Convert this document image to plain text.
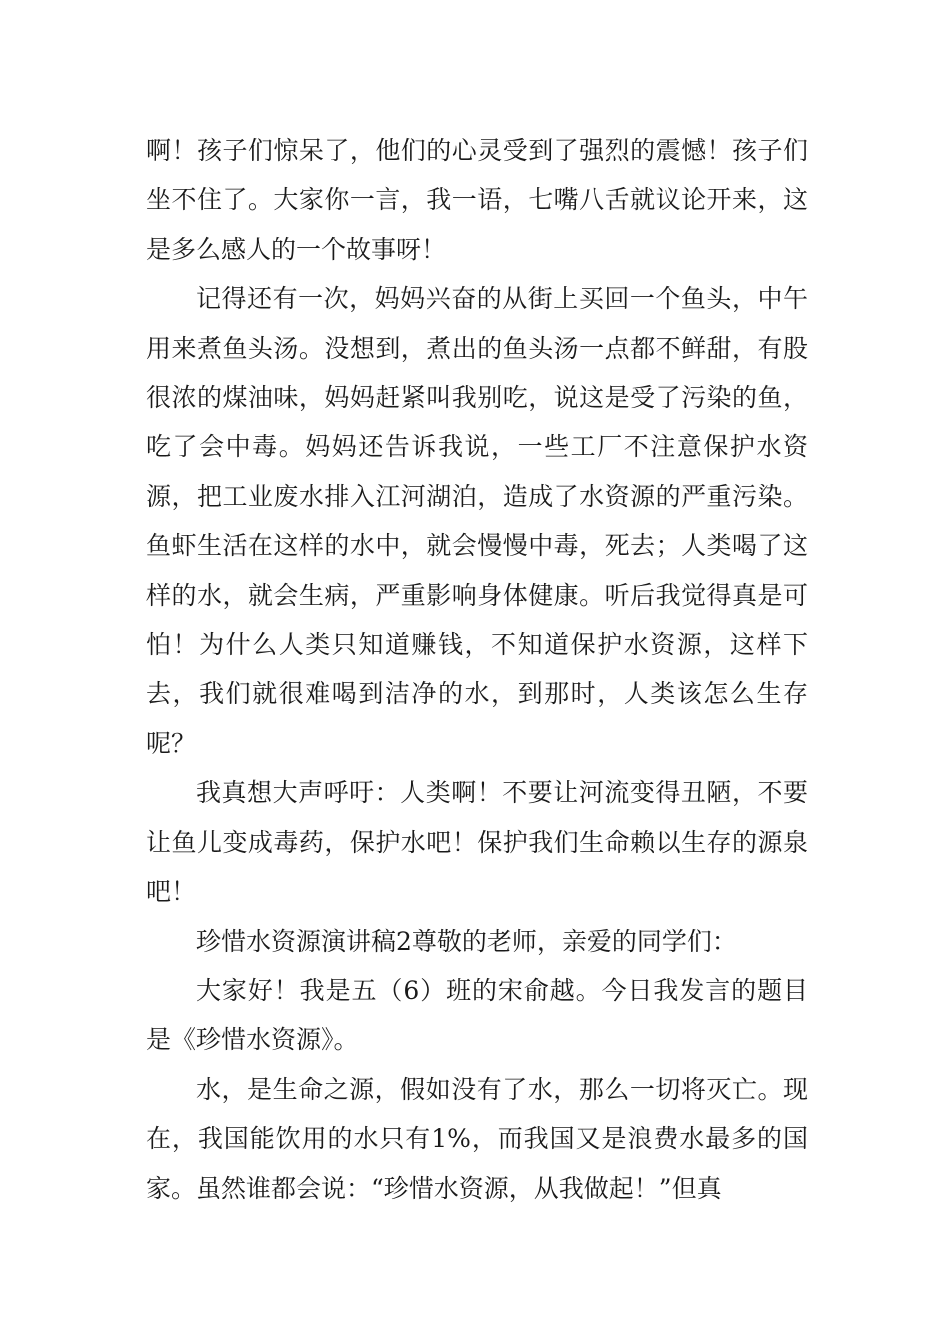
啊！孩子们惊呆了，他们的心灵受到了强烈的震憾！孩子们坐不住了。大家你一言，我一语，七嘴八舌就议论开来，这是多么感人的一个故事呀！

记得还有一次，妈妈兴奋的从街上买回一个鱼头，中午用来煮鱼头汤。没想到，煮出的鱼头汤一点都不鲜甜，有股很浓的煤油味，妈妈赶紧叫我别吃，说这是受了污染的鱼，吃了会中毒。妈妈还告诉我说，一些工厂不注意保护水资源，把工业废水排入江河湖泊，造成了水资源的严重污染。鱼虾生活在这样的水中，就会慢慢中毒，死去；人类喝了这样的水，就会生病，严重影响身体健康。听后我觉得真是可怕！为什么人类只知道赚钱，不知道保护水资源，这样下去，我们就很难喝到洁净的水，到那时，人类该怎么生存呢？

我真想大声呼吁：人类啊！不要让河流变得丑陋，不要让鱼儿变成毒药，保护水吧！保护我们生命赖以生存的源泉吧！

珍惜水资源演讲稿2尊敬的老师，亲爱的同学们：

大家好！我是五（6）班的宋俞越。今日我发言的题目是《珍惜水资源》。

水，是生命之源，假如没有了水，那么一切将灭亡。现在，我国能饮用的水只有1%，而我国又是浪费水最多的国家。虽然谁都会说：“珍惜水资源，从我做起！”但真
